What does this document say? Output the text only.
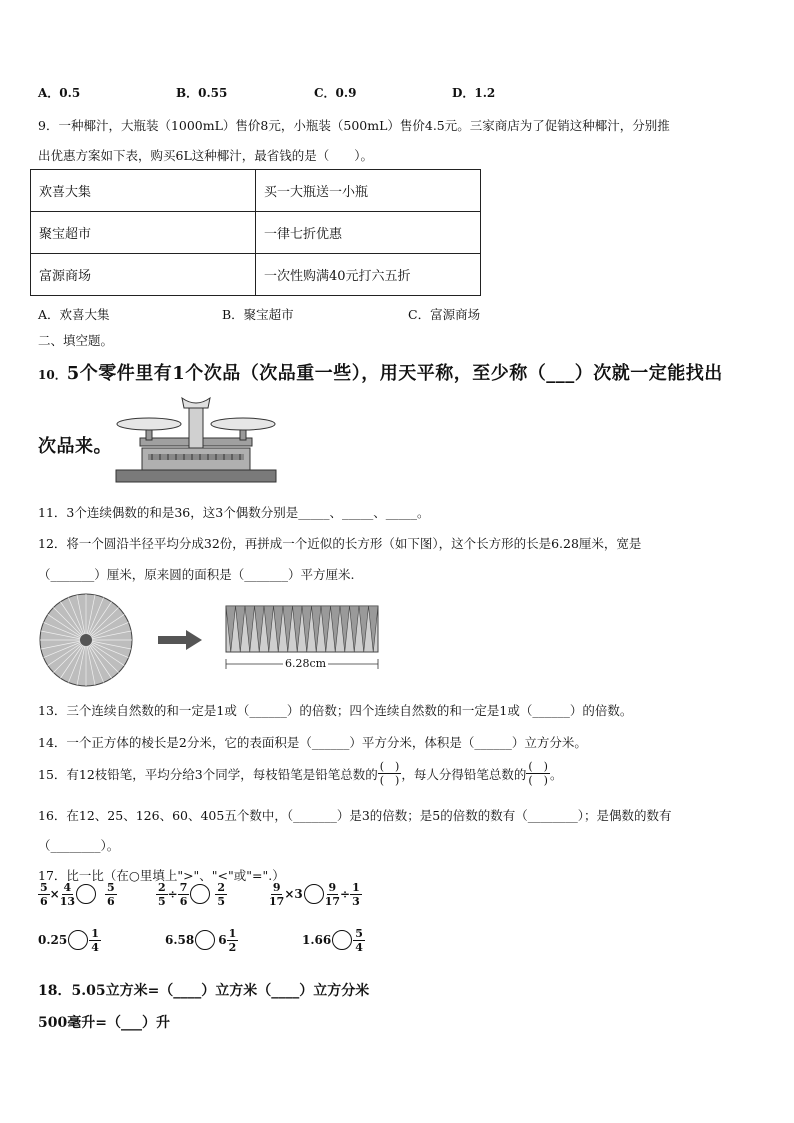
A．0.5	B．0.55	C．0.9	D．1.2
9．一种椰汁，大瓶装（1000mL）售价8元，小瓶装（500mL）售价4.5元。三家商店为了促销这种椰汁，分别推
出优惠方案如下表，购买6L这种椰汁，最省钱的是（　　）。
欢喜大集	买一大瓶送一小瓶
聚宝超市	一律七折优惠
富源商场	一次性购满40元打六五折
A．欢喜大集	B．聚宝超市	C．富源商场
二、填空题。
10．5个零件里有1个次品（次品重一些），用天平称，至少称（___）次就一定能找出
次品来。
11．3个连续偶数的和是36，这3个偶数分别是_____、_____、_____。
12．将一个圆沿半径平均分成32份，再拼成一个近似的长方形（如下图），这个长方形的长是6.28厘米，宽是
（_______）厘米，原来圆的面积是（_______）平方厘米.
6.28cm
13．三个连续自然数的和一定是1或（______）的倍数；四个连续自然数的和一定是1或（______）的倍数。
14．一个正方体的棱长是2分米，它的表面积是（______）平方分米，体积是（______）立方分米。
15．有12枝铅笔，平均分给3个同学，每枝铅笔是铅笔总数的 $\frac{( )}{( )}$ ，每人分得铅笔总数的 $\frac{( )}{( )}$ 。
16．在12、25、126、60、405五个数中，（_______）是3的倍数；是5的倍数的数有（________）；是偶数的数有
（________）。
17．比一比（在○里填上">"、"<"或"=".）
$\frac{5}{6} \times \frac{4}{13}$	$\frac{5}{6}$	$\frac{2}{5} \div \frac{7}{6} \frac{2}{5}$	$\frac{9}{17} \times 3 \frac{9}{17} \div \frac{1}{3}$
$0.25 \frac{1}{4}$	6.58 $6 \frac{1}{2}$	$1.66 \frac{5}{4}$
18．5.05立方米=（____）立方米（____）立方分米
500毫升=（___）升
